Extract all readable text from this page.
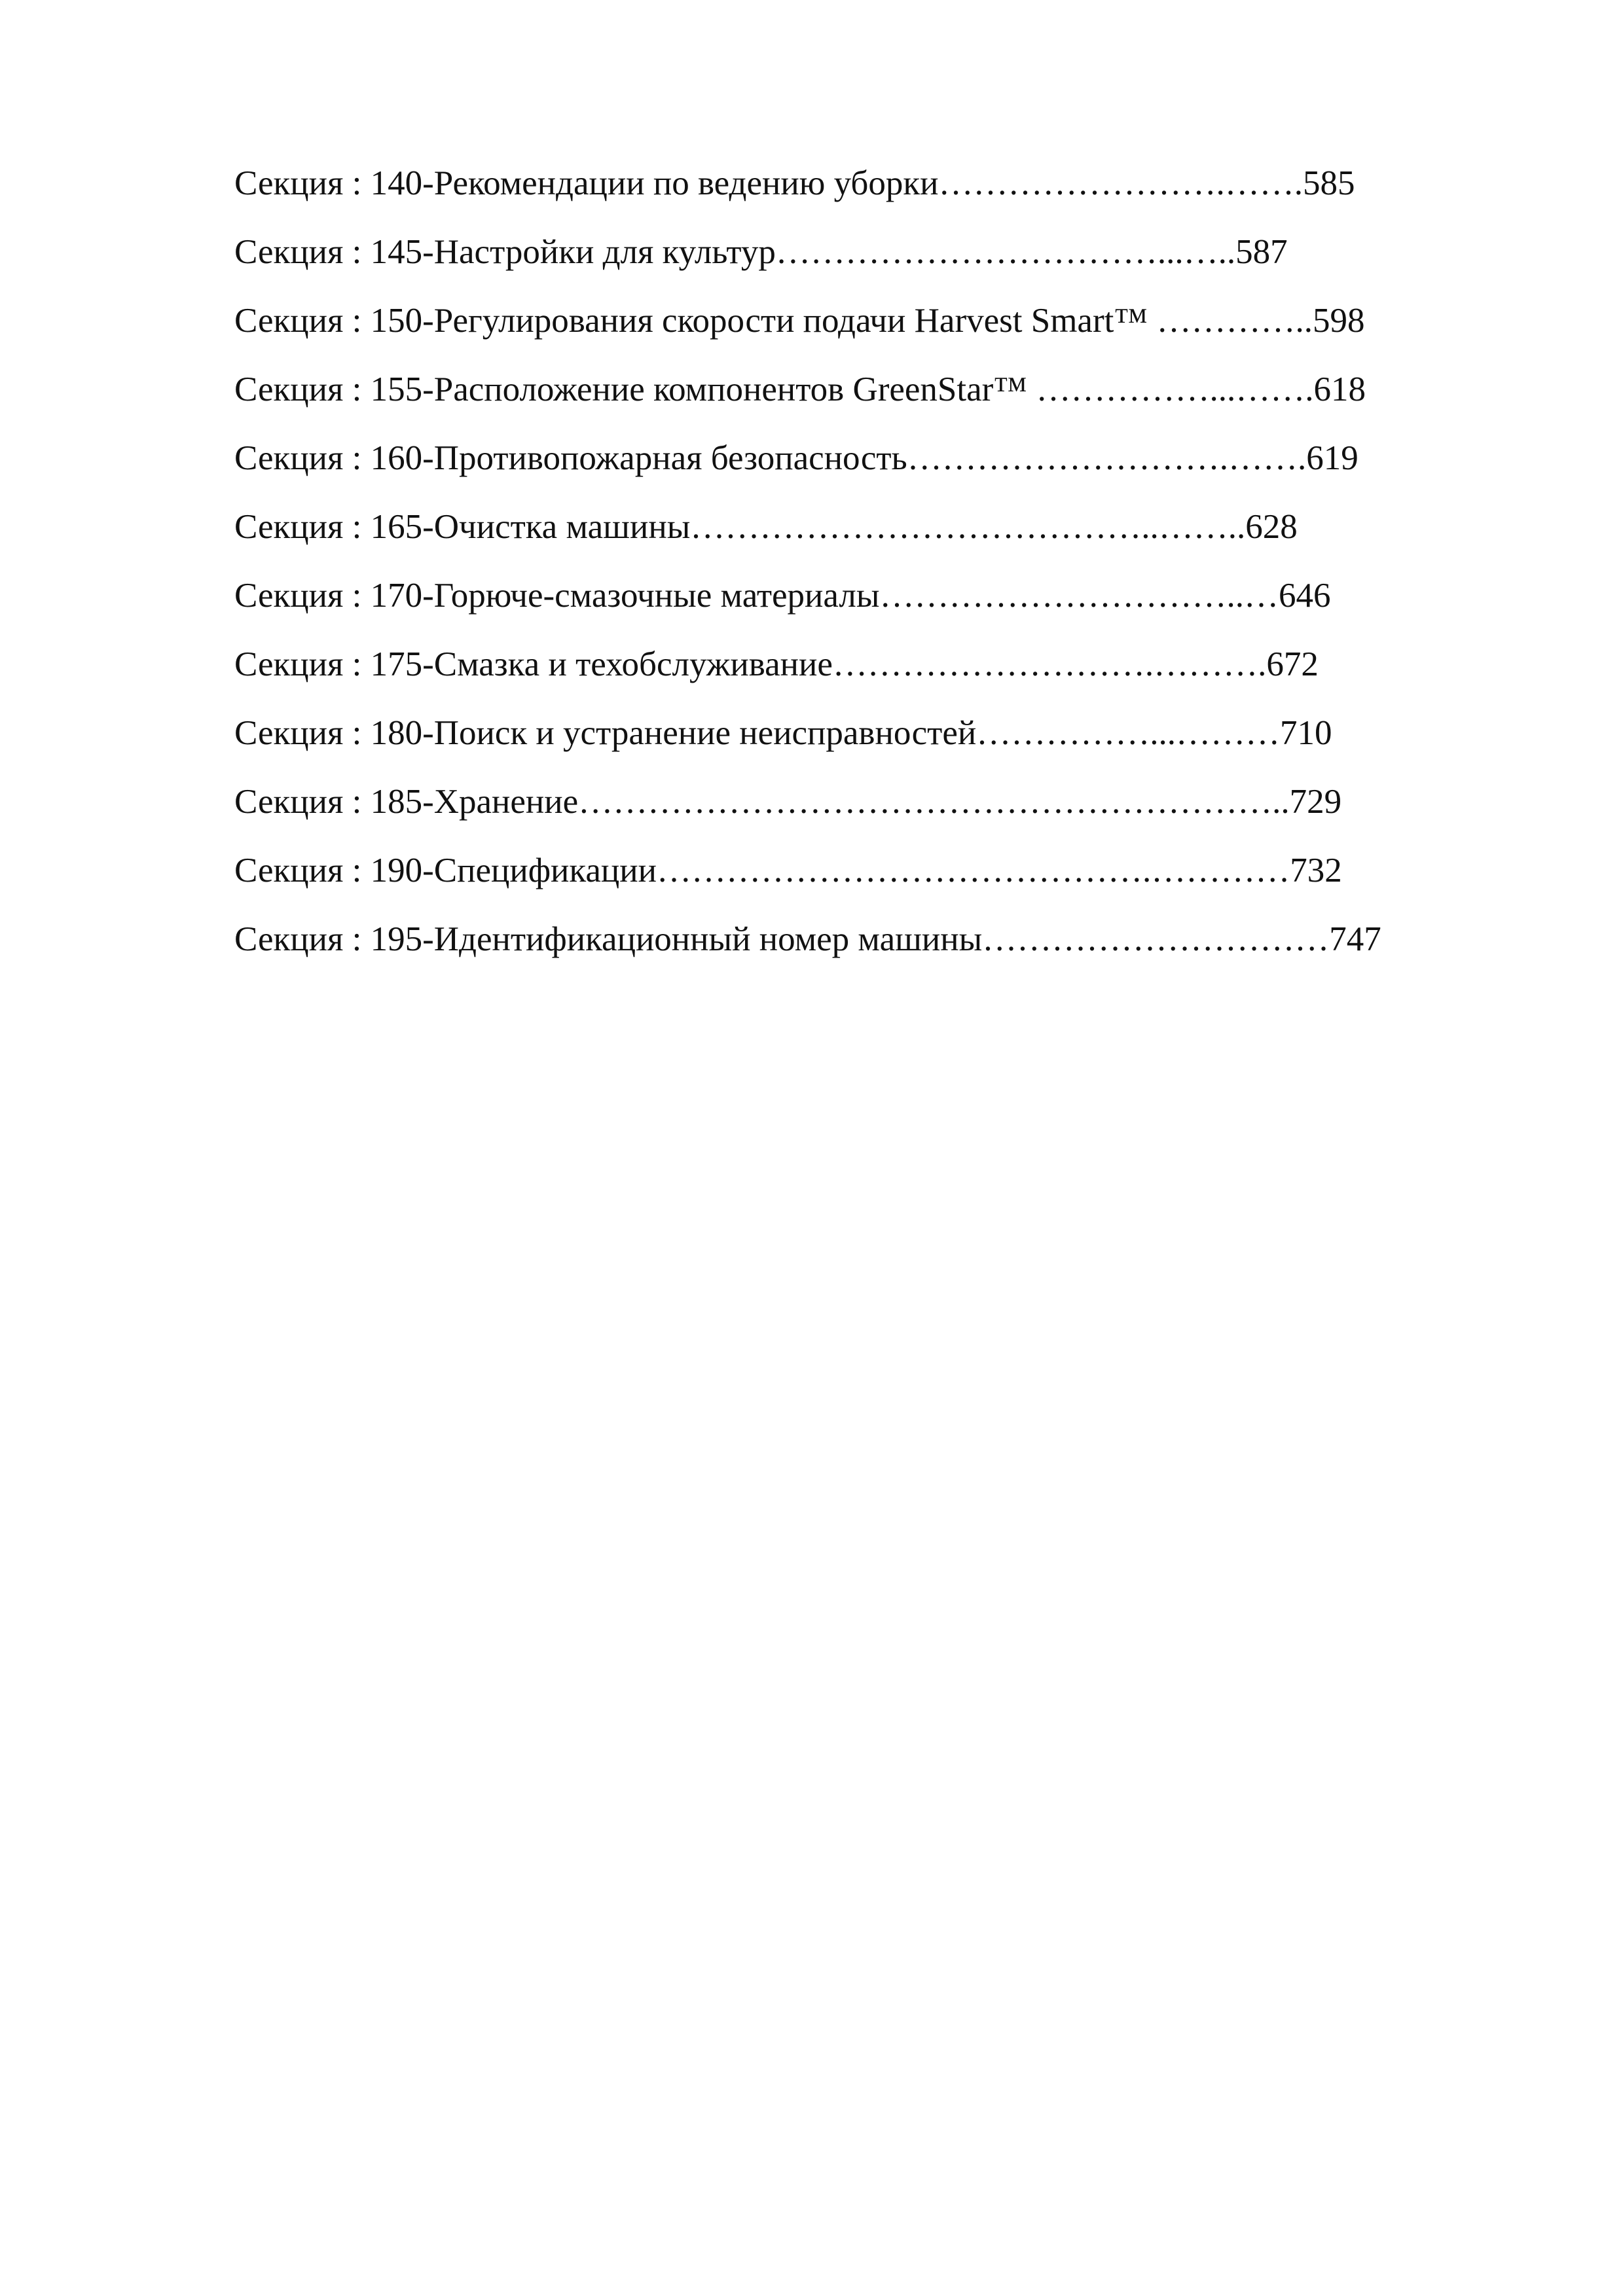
Секция : 140-Рекомендации по ведению уборки…………………….…….585
Секция : 145-Настройки для культур……………………………...…..587
Секция : 150-Регулирования скорости подачи Harvest Smart™ …………..598
Секция : 155-Расположение компонентов GreenStar™ ……………...…….618
Секция : 160-Противопожарная безопасность……………………….…….619
Секция : 165-Очистка машины…………………………………..……..628
Секция : 170-Горюче-смазочные материалы…………………………..…646
Секция : 175-Смазка и техобслуживание……………………….……….672
Секция : 180-Поиск и устранение неисправностей……………...………710
Секция : 185-Хранение……………………………………………………..729
Секция : 190-Спецификации…………………………………….…………732
Секция : 195-Идентификационный номер машины…………………………747
